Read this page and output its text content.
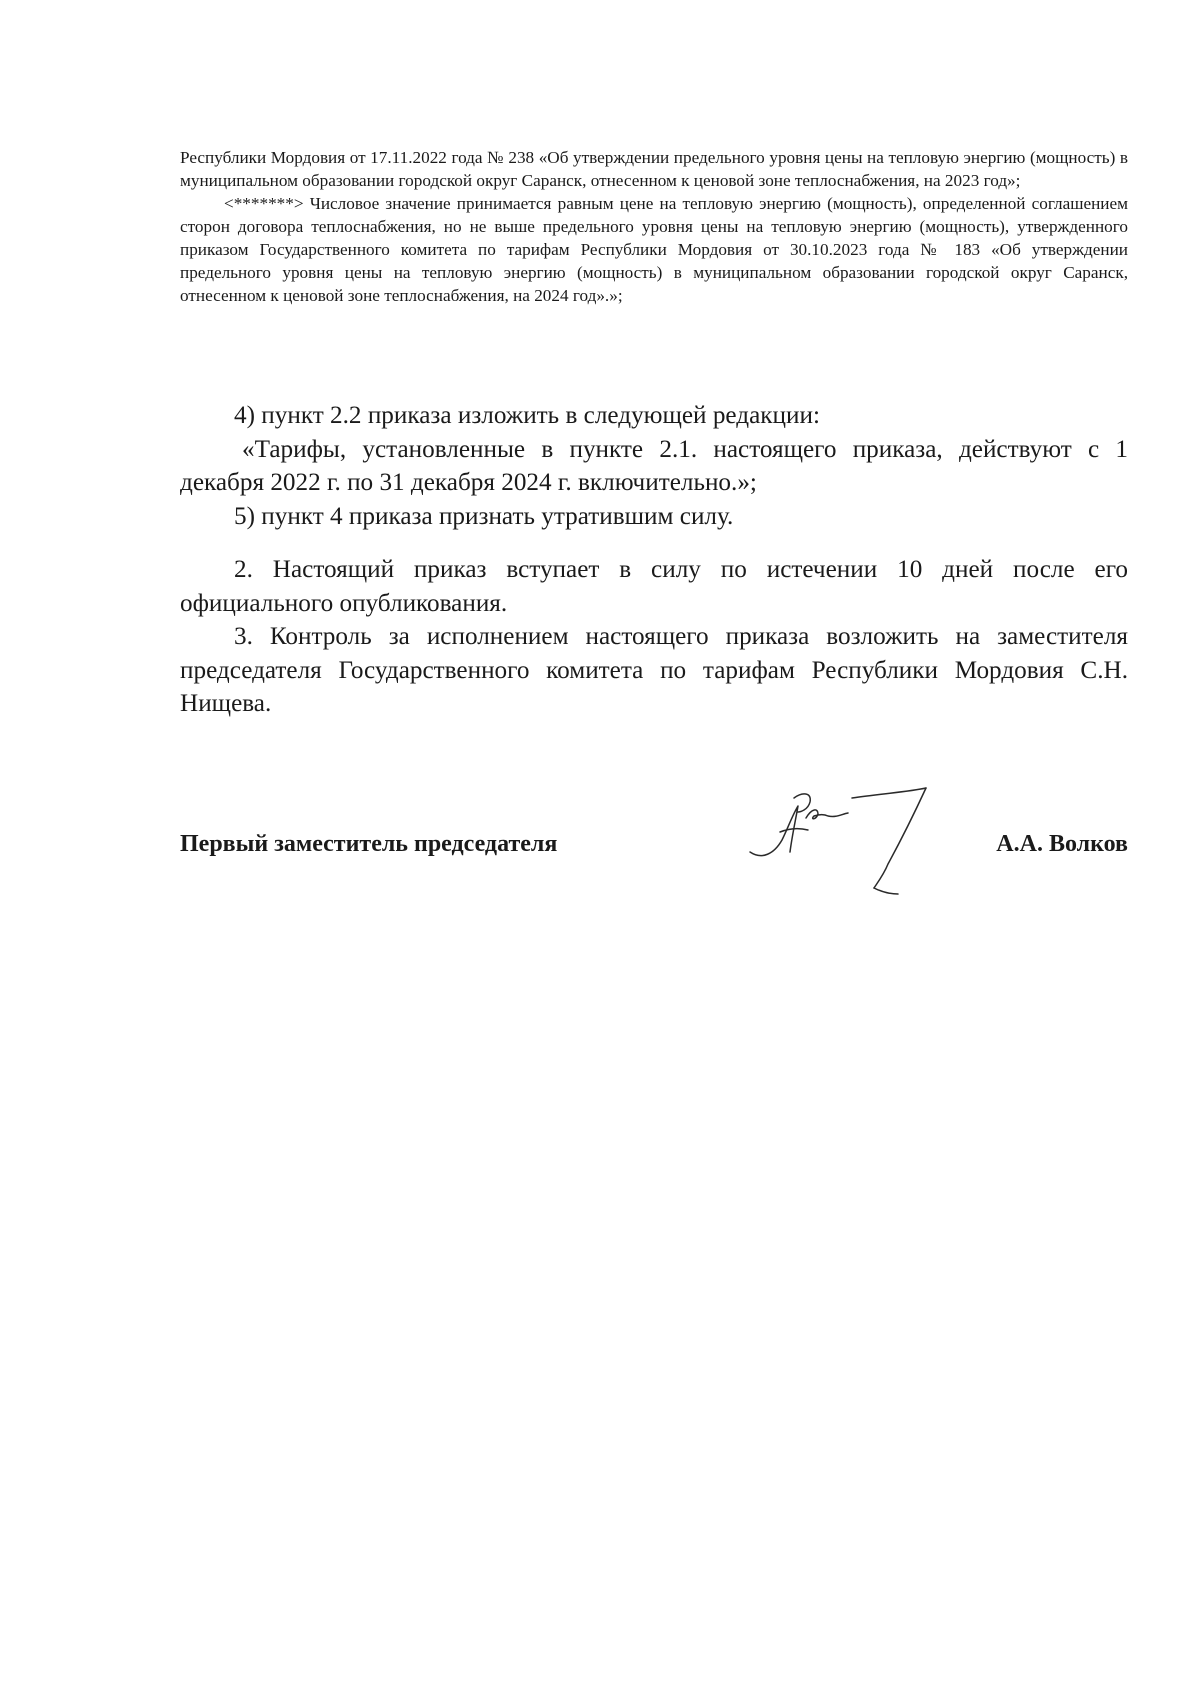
Республики Мордовия от 17.11.2022 года № 238 «Об утверждении предельного уровня цены на тепловую энергию (мощность) в муниципальном образовании городской округ Саранск, отнесенном к ценовой зоне теплоснабжения, на 2023 год»;

<*******> Числовое значение принимается равным цене на тепловую энергию (мощность), определенной соглашением сторон договора теплоснабжения, но не выше предельного уровня цены на тепловую энергию (мощность), утвержденного приказом Государственного комитета по тарифам Республики Мордовия от 30.10.2023 года № 183 «Об утверждении предельного уровня цены на тепловую энергию (мощность) в муниципальном образовании городской округ Саранск, отнесенном к ценовой зоне теплоснабжения, на 2024 год».»;

4) пункт 2.2 приказа изложить в следующей редакции:

«Тарифы, установленные в пункте 2.1. настоящего приказа, действуют с 1 декабря 2022 г. по 31 декабря 2024 г. включительно.»;

5) пункт 4 приказа признать утратившим силу.

2. Настоящий приказ вступает в силу по истечении 10 дней после его официального опубликования.

3. Контроль за исполнением настоящего приказа возложить на заместителя председателя Государственного комитета по тарифам Республики Мордовия С.Н. Нищева.

Первый заместитель председателя	А.А. Волков
